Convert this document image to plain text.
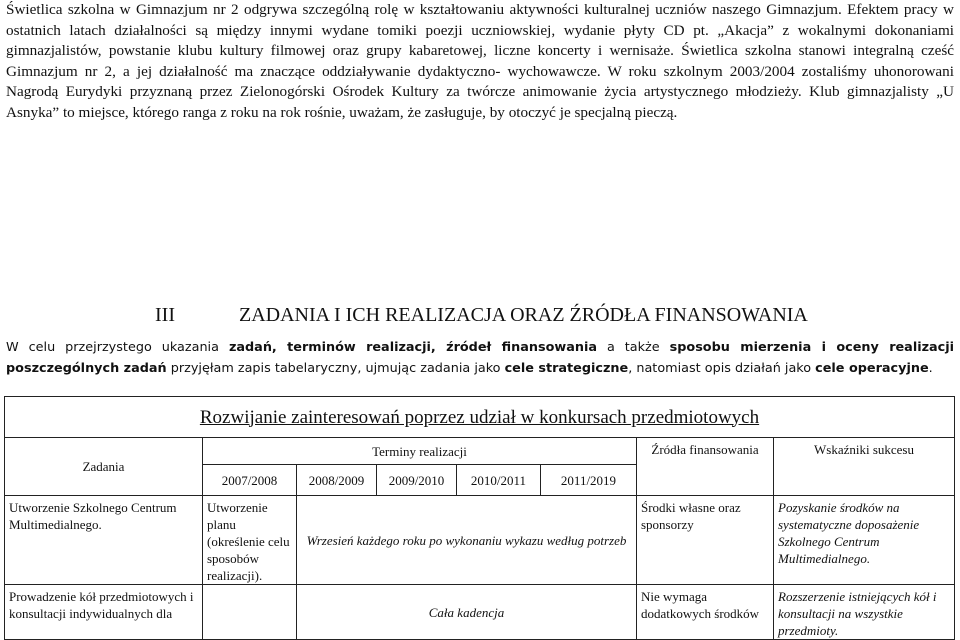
Świetlica szkolna w Gimnazjum nr 2 odgrywa szczególną rolę w kształtowaniu aktywności kulturalnej uczniów naszego Gimnazjum. Efektem pracy w ostatnich latach działalności są między innymi wydane tomiki poezji uczniowskiej, wydanie płyty CD pt. „Akacja” z wokalnymi dokonaniami gimnazjalistów, powstanie klubu kultury filmowej oraz grupy kabaretowej, liczne koncerty i wernisaże. Świetlica szkolna stanowi integralną cześć Gimnazjum nr 2, a jej działalność ma znaczące oddziaływanie dydaktyczno- wychowawcze. W roku szkolnym 2003/2004 zostaliśmy uhonorowani Nagrodą Eurydyki przyznaną przez Zielonogórski Ośrodek Kultury za twórcze animowanie życia artystycznego młodzieży. Klub gimnazjalisty „U Asnyka” to miejsce, którego ranga z roku na rok rośnie, uważam, że zasługuje, by otoczyć je specjalną pieczą.

III	ZADANIA I ICH REALIZACJA ORAZ ŹRÓDŁA FINANSOWANIA

W celu przejrzystego ukazania zadań, terminów realizacji, źródeł finansowania a także sposobu mierzenia i oceny realizacji poszczególnych zadań przyjęłam zapis tabelaryczny, ujmując zadania jako cele strategiczne, natomiast opis działań jako cele operacyjne.

Rozwijanie zainteresowań poprzez udział w konkursach przedmiotowych							
Zadania	Terminy realizacji					Źródła finansowania	Wskaźniki sukcesu
	2007/2008	2008/2009	2009/2010	2010/2011	2011/2019		
Utworzenie Szkolnego Centrum Multimedialnego.	Utworzenie planu (określenie celu sposobów realizacji).	Wrzesień każdego roku po wykonaniu wykazu według potrzeb				Środki własne oraz sponsorzy	Pozyskanie środków na systematyczne doposażenie Szkolnego Centrum Multimedialnego.
Prowadzenie kół przedmiotowych i konsultacji indywidualnych dla		Cała kadencja				Nie wymaga dodatkowych środków	Rozszerzenie istniejących kół i konsultacji na wszystkie przedmioty.
